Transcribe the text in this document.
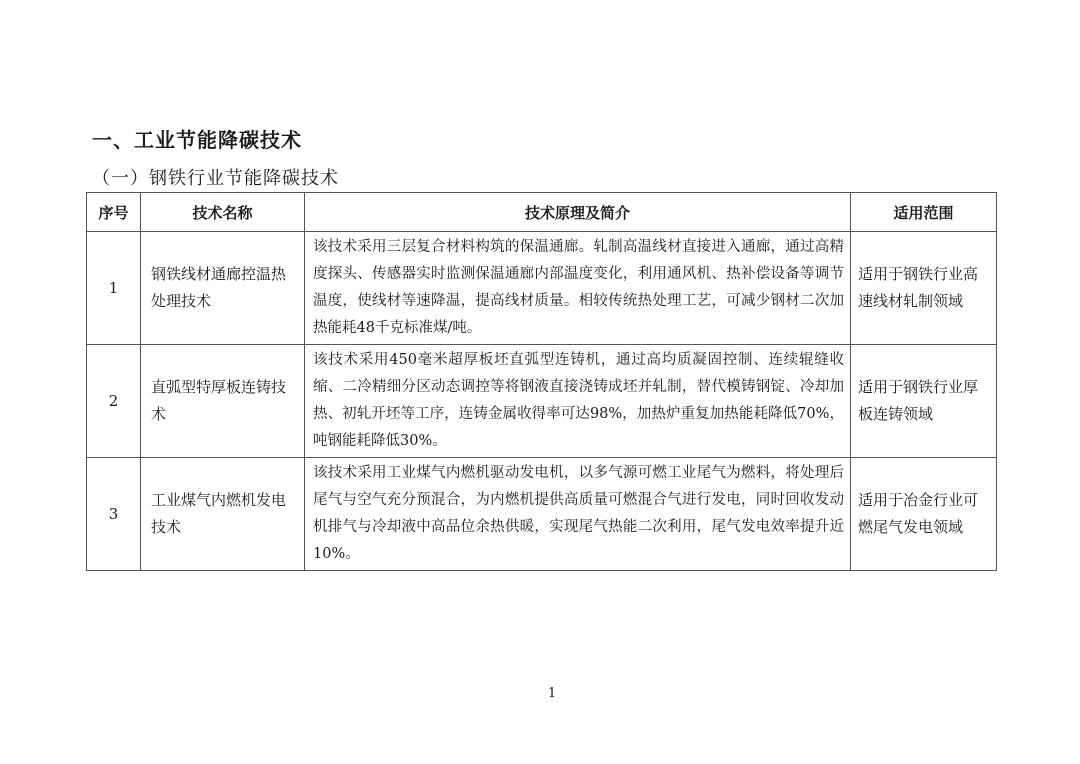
一、工业节能降碳技术
（一）钢铁行业节能降碳技术
序号	技术名称	技术原理及简介	适用范围
1	钢铁线材通廊控温热处理技术	该技术采用三层复合材料构筑的保温通廊。轧制高温线材直接进入通廊，通过高精度探头、传感器实时监测保温通廊内部温度变化，利用通风机、热补偿设备等调节温度，使线材等速降温，提高线材质量。相较传统热处理工艺，可减少钢材二次加热能耗48千克标准煤/吨。	适用于钢铁行业高速线材轧制领域
2	直弧型特厚板连铸技术	该技术采用450毫米超厚板坯直弧型连铸机，通过高均质凝固控制、连续辊缝收缩、二冷精细分区动态调控等将钢液直接浇铸成坯并轧制，替代模铸钢锭、冷却加热、初轧开坯等工序，连铸金属收得率可达98%，加热炉重复加热能耗降低70%，吨钢能耗降低30%。	适用于钢铁行业厚板连铸领域
3	工业煤气内燃机发电技术	该技术采用工业煤气内燃机驱动发电机，以多气源可燃工业尾气为燃料，将处理后尾气与空气充分预混合，为内燃机提供高质量可燃混合气进行发电，同时回收发动机排气与冷却液中高品位余热供暖，实现尾气热能二次利用，尾气发电效率提升近10%。	适用于冶金行业可燃尾气发电领域
1
